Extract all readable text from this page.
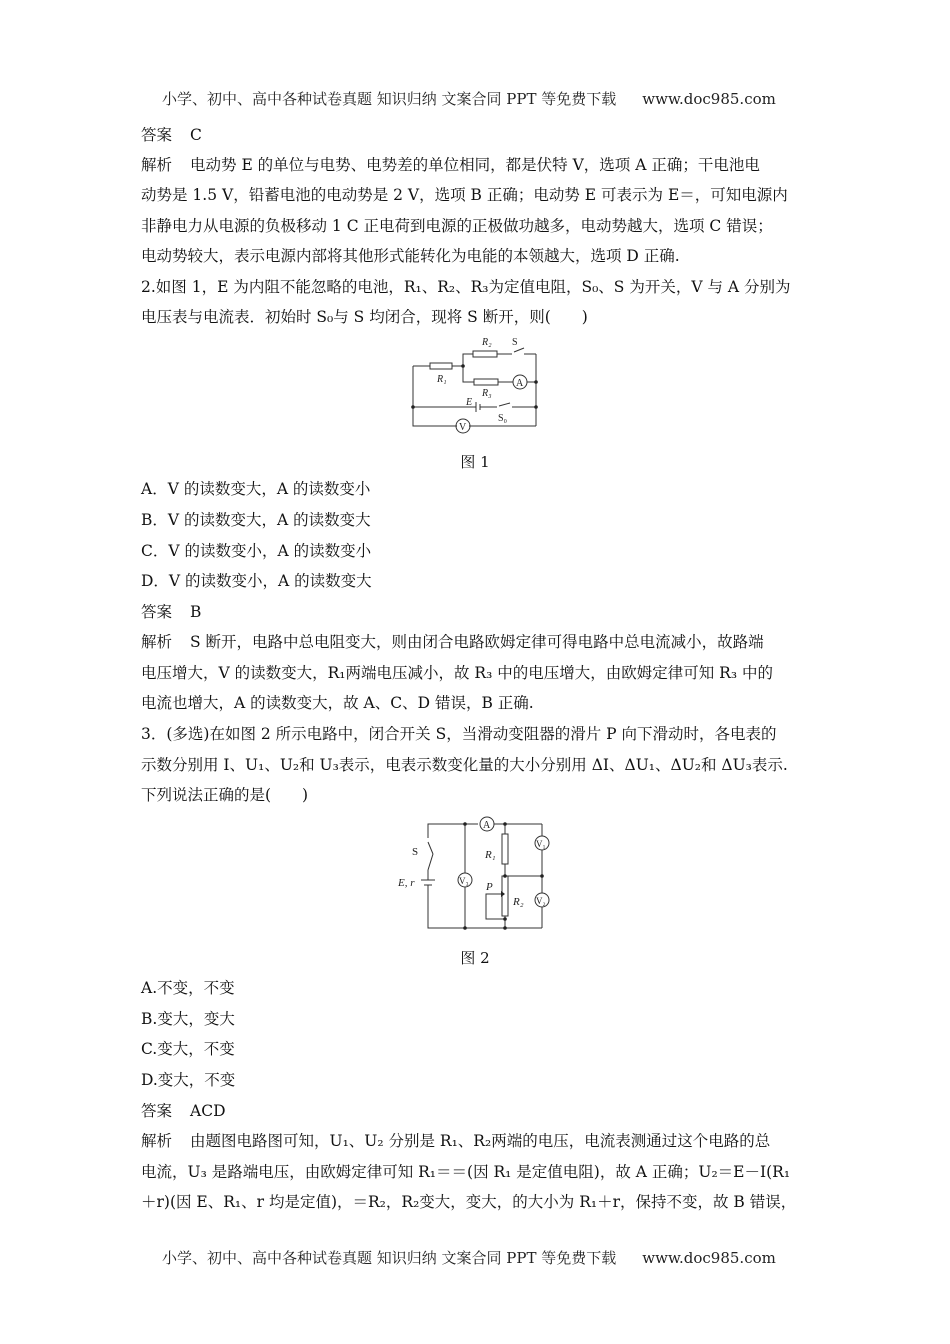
小学、初中、高中各种试卷真题 知识归纳 文案合同 PPT 等免费下载 www.doc985.com
答案 C
解析 电动势 E 的单位与电势、电势差的单位相同，都是伏特 V，选项 A 正确；干电池电
动势是 1.5 V，铅蓄电池的电动势是 2 V，选项 B 正确；电动势 E 可表示为 E＝，可知电源内
非静电力从电源的负极移动 1 C 正电荷到电源的正极做功越多，电动势越大，选项 C 错误；
电动势较大，表示电源内部将其他形式能转化为电能的本领越大，选项 D 正确.
2.如图 1，E 为内阻不能忽略的电池，R₁、R₂、R₃为定值电阻，S₀、S 为开关，V 与 A 分别为
电压表与电流表．初始时 S₀与 S 均闭合，现将 S 断开，则(　　)
R₁
R₂
R₃
S
A
E
S₀
V
图 1
A．V 的读数变大，A 的读数变小
B．V 的读数变大，A 的读数变大
C．V 的读数变小，A 的读数变小
D．V 的读数变小，A 的读数变大
答案 B
解析 S 断开，电路中总电阻变大，则由闭合电路欧姆定律可得电路中总电流减小，故路端
电压增大，V 的读数变大，R₁两端电压减小，故 R₃ 中的电压增大，由欧姆定律可知 R₃ 中的
电流也增大，A 的读数变大，故 A、C、D 错误，B 正确.
3．(多选)在如图 2 所示电路中，闭合开关 S，当滑动变阻器的滑片 P 向下滑动时，各电表的
示数分别用 I、U₁、U₂和 U₃表示，电表示数变化量的大小分别用 ΔI、ΔU₁、ΔU₂和 ΔU₃表示.
下列说法正确的是(　　)
S
E, r
A
R₁
V₁
V₃ P
R₂ V₂
图 2
A.不变，不变
B.变大，变大
C.变大，不变
D.变大，不变
答案 ACD
解析 由题图电路图可知，U₁、U₂ 分别是 R₁、R₂两端的电压，电流表测通过这个电路的总
电流，U₃ 是路端电压，由欧姆定律可知 R₁＝＝(因 R₁ 是定值电阻)，故 A 正确；U₂＝E－I(R₁
＋r)(因 E、R₁、r 均是定值)，＝R₂，R₂变大，变大，的大小为 R₁＋r，保持不变，故 B 错误，
小学、初中、高中各种试卷真题 知识归纳 文案合同 PPT 等免费下载 www.doc985.com
